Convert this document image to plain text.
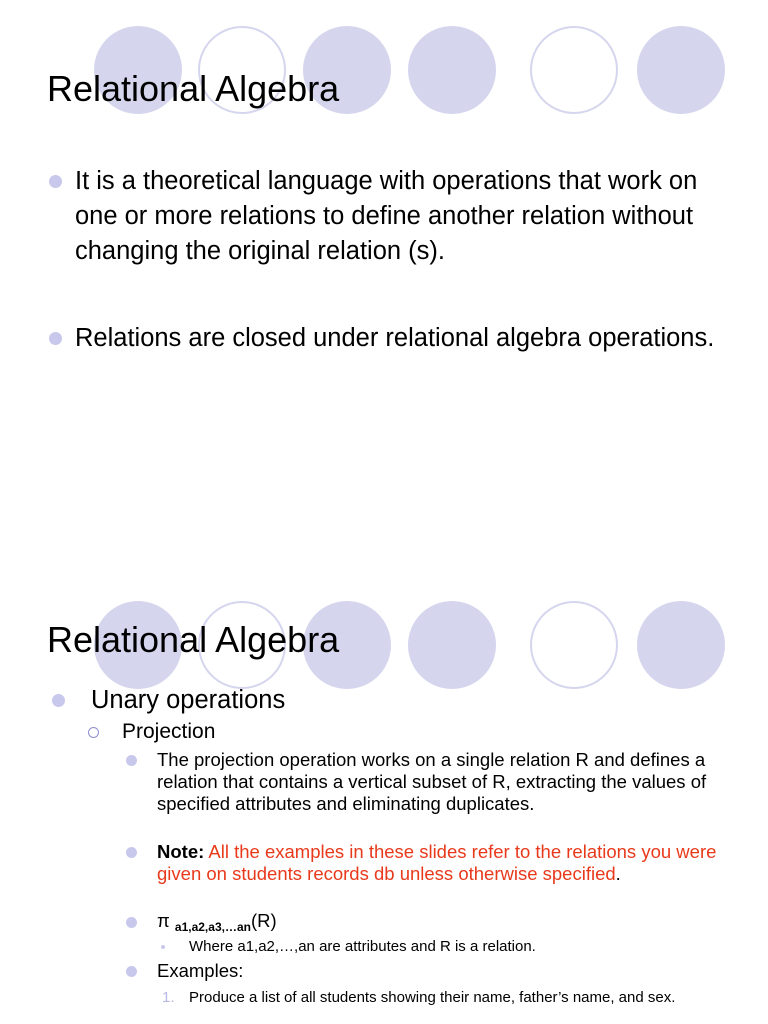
Relational Algebra

It is a theoretical language with operations that work on one or more relations to define another relation without changing the original relation (s).

Relations are closed under relational algebra operations.

Relational Algebra

Unary operations

Projection

The projection operation works on a single relation R and defines a relation that contains a vertical subset of R, extracting the values of specified attributes and eliminating duplicates.

Note: All the examples in these slides refer to the relations you were given on students records db unless otherwise specified.

π $_{a1,a2,a3,\dots an}$(R)

Where a1,a2,…,an are attributes and R is a relation.

Examples:

1. Produce a list of all students showing their name, father’s name, and sex.
